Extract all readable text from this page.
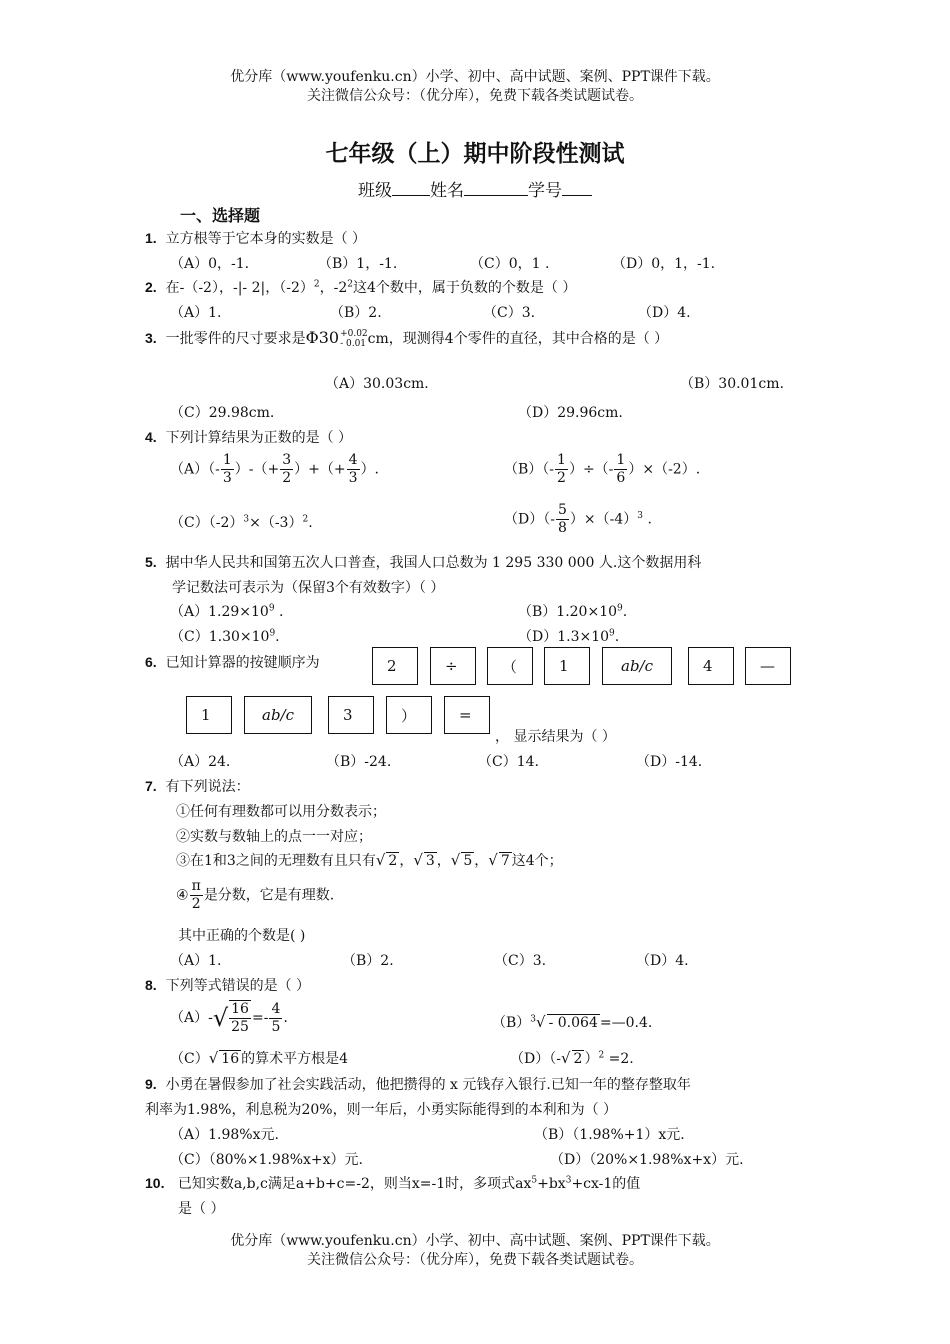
优分库（www.youfenku.cn）小学、初中、高中试题、案例、PPT课件下载。
关注微信公众号：（优分库），免费下载各类试题试卷。
七年级（上）期中阶段性测试
班级 姓名	学号
一、选择题
1. 立方根等于它本身的实数是（ ）
（A）0，-1.	（B）1，-1.	（C）0，1 .	（D）0，1，-1.
2. 在-（-2），-|- 2|，$(-2)^2$，$-2^2$这4个数中，属于负数的个数是（ ）
（A）1.	（B）2.	（C）3.	（D）4.
3. 一批零件的尺寸要求是Φ30 +0.02
- 0.01 cm，现测得4个零件的直径，其中合格的是（ ）
（A）30.03cm.	（B）30.01cm.
（C）29.98cm.	（D）29.96cm.
4. 下列计算结果为正数的是（ ）
$(A)(- \frac{1}{3}$ ）-（+ $\frac{3}{2}$ ）+（+ $\frac{4}{3}$ ）.	$(B)(- \frac{1}{2}$ ）÷（- $\frac{1}{6} )\times(-2)$.
$(C)(-2)^3\times(-3)^2$.	$(D)(- \frac{5}{8} )\times(-4)^3$ .
5. 据中华人民共和国第五次人口普查，我国人口总数为 1 295 330 000 人.这个数据用科
学记数法可表示为（保留3个有效数字）（ ）
$(A)1.29\times 10^9$ .	$(B)1.20\times 10^9$.
$(C)1.30\times 10^9$.	$(D)1.3\times 10^9$.
6. 已知计算器的按键顺序为	2	÷	（	1	ab/c	4	—
1	ab/c	3	）	=
， 显示结果为（ ）
（A）24.	（B）-24.	（C）14.	（D）-14.
7. 有下列说法：
①任何有理数都可以用分数表示；
②实数与数轴上的点一一对应；
③在1和3之间的无理数有且只有√ 2 ，√ 3 ，√ 5 ，√ 7 这4个；
④ $\frac{\pi}{2}$ 是分数，它是有理数.
其中正确的个数是( )
（A）1.	（B）2.	（C）3.	（D）4.
8. 下列等式错误的是（ ）
$(A)-√ \frac{16}{25} =- \frac{4}{5}$ .	$(B)^3√ - 0.064$ =—0.4.
（C）√ 16 的算术平方根是4	（D）（-√ 2 ）$^2$ =2.
9. 小勇在暑假参加了社会实践活动，他把攒得的 x 元钱存入银行.已知一年的整存整取年
利率为1.98%，利息税为20%，则一年后，小勇实际能得到的本利和为（ ）
（A）1.98%x元.	（B）（1.98%+1）x元.
（C）（80%×1.98%x+x）元.	（D）（20%×1.98%x+x）元.
10. 已知实数a,b,c满足a+b+c=-2，则当x=-1时，多项式$ax^5+bx^3+cx-1$的值
是（ ）
优分库（www.youfenku.cn）小学、初中、高中试题、案例、PPT课件下载。
关注微信公众号：（优分库），免费下载各类试题试卷。
